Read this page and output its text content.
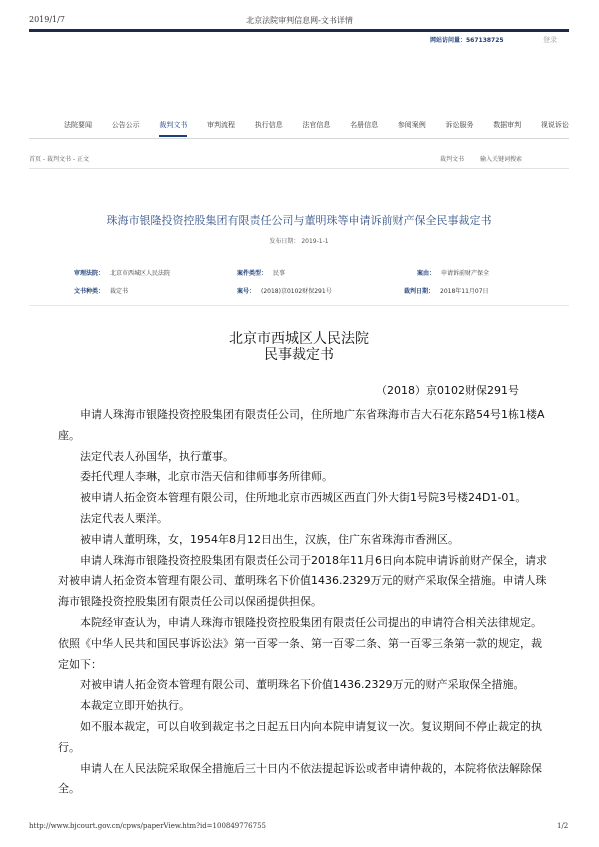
2019/1/7	北京法院审判信息网-文书详情
网站访问量：567138725	登录
法院要闻	公告公示	裁判文书	审判流程	执行信息	法官信息	名册信息	参阅案例	诉讼服务	数据审判	视说诉讼
首页 - 裁判文书 - 正文	裁判文书	输入关键词搜索
珠海市银隆投资控股集团有限责任公司与董明珠等申请诉前财产保全民事裁定书
发布日期： 2019-1-1
审理法院： 北京市西城区人民法院	案件类型： 民事	案由： 申请诉前财产保全
文书种类： 裁定书	案号： (2018)京0102财保291号	裁判日期： 2018年11月07日
北京市西城区人民法院
民事裁定书
（2018）京0102财保291号

申请人珠海市银隆投资控股集团有限责任公司，住所地广东省珠海市吉大石花东路54号1栋1楼A座。

法定代表人孙国华，执行董事。

委托代理人李琳，北京市浩天信和律师事务所律师。

被申请人拓金资本管理有限公司，住所地北京市西城区西直门外大街1号院3号楼24D1-01。

法定代表人栗洋。

被申请人董明珠，女，1954年8月12日出生，汉族，住广东省珠海市香洲区。

申请人珠海市银隆投资控股集团有限责任公司于2018年11月6日向本院申请诉前财产保全，请求对被申请人拓金资本管理有限公司、董明珠名下价值1436.2329万元的财产采取保全措施。申请人珠海市银隆投资控股集团有限责任公司以保函提供担保。

本院经审查认为，申请人珠海市银隆投资控股集团有限责任公司提出的申请符合相关法律规定。依照《中华人民共和国民事诉讼法》第一百零一条、第一百零二条、第一百零三条第一款的规定，裁定如下：

对被申请人拓金资本管理有限公司、董明珠名下价值1436.2329万元的财产采取保全措施。

本裁定立即开始执行。

如不服本裁定，可以自收到裁定书之日起五日内向本院申请复议一次。复议期间不停止裁定的执行。

申请人在人民法院采取保全措施后三十日内不依法提起诉讼或者申请仲裁的，本院将依法解除保全。

http://www.bjcourt.gov.cn/cpws/paperView.htm?id=100849776755	1/2
